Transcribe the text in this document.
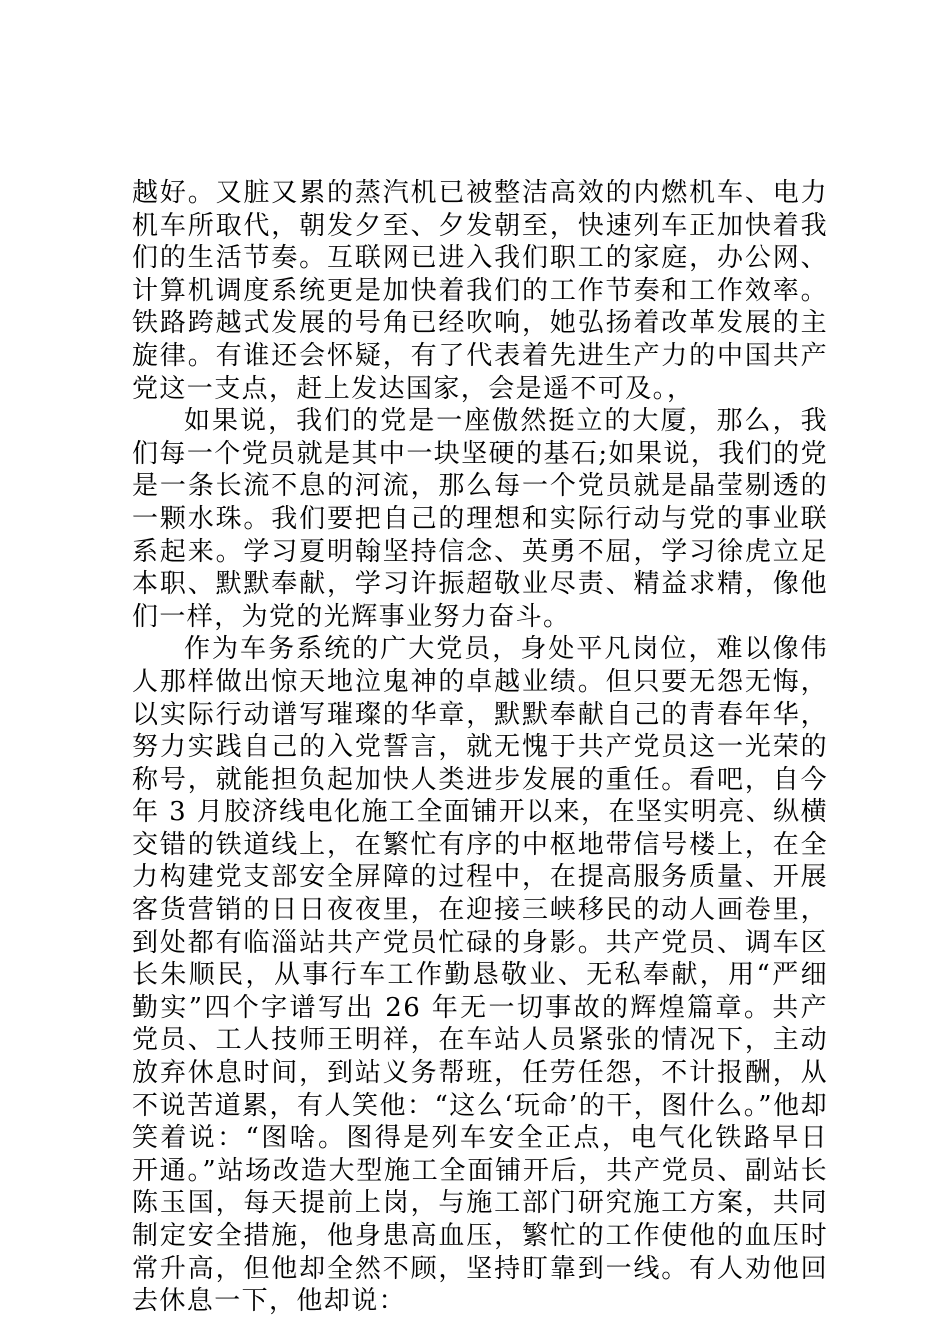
越好。又脏又累的蒸汽机已被整洁高效的内燃机车、电力机车所取代，朝发夕至、夕发朝至，快速列车正加快着我们的生活节奏。互联网已进入我们职工的家庭，办公网、计算机调度系统更是加快着我们的工作节奏和工作效率。铁路跨越式发展的号角已经吹响，她弘扬着改革发展的主旋律。有谁还会怀疑，有了代表着先进生产力的中国共产党这一支点，赶上发达国家，会是遥不可及。，

如果说，我们的党是一座傲然挺立的大厦，那么，我们每一个党员就是其中一块坚硬的基石;如果说，我们的党是一条长流不息的河流，那么每一个党员就是晶莹剔透的一颗水珠。我们要把自己的理想和实际行动与党的事业联系起来。学习夏明翰坚持信念、英勇不屈，学习徐虎立足本职、默默奉献，学习许振超敬业尽责、精益求精，像他们一样，为党的光辉事业努力奋斗。

作为车务系统的广大党员，身处平凡岗位，难以像伟人那样做出惊天地泣鬼神的卓越业绩。但只要无怨无悔，以实际行动谱写璀璨的华章，默默奉献自己的青春年华，努力实践自己的入党誓言，就无愧于共产党员这一光荣的称号，就能担负起加快人类进步发展的重任。看吧，自今年 3 月胶济线电化施工全面铺开以来，在坚实明亮、纵横交错的铁道线上，在繁忙有序的中枢地带信号楼上，在全力构建党支部安全屏障的过程中，在提高服务质量、开展客货营销的日日夜夜里，在迎接三峡移民的动人画卷里，到处都有临淄站共产党员忙碌的身影。共产党员、调车区长朱顺民，从事行车工作勤恳敬业、无私奉献，用“严细勤实”四个字谱写出 26 年无一切事故的辉煌篇章。共产党员、工人技师王明祥，在车站人员紧张的情况下，主动放弃休息时间，到站义务帮班，任劳任怨，不计报酬，从不说苦道累，有人笑他：“这么‘玩命’的干，图什么。”他却笑着说：“图啥。图得是列车安全正点，电气化铁路早日开通。”站场改造大型施工全面铺开后，共产党员、副站长陈玉国，每天提前上岗，与施工部门研究施工方案，共同制定安全措施，他身患高血压，繁忙的工作使他的血压时常升高，但他却全然不顾，坚持盯靠到一线。有人劝他回去休息一下，他却说：
